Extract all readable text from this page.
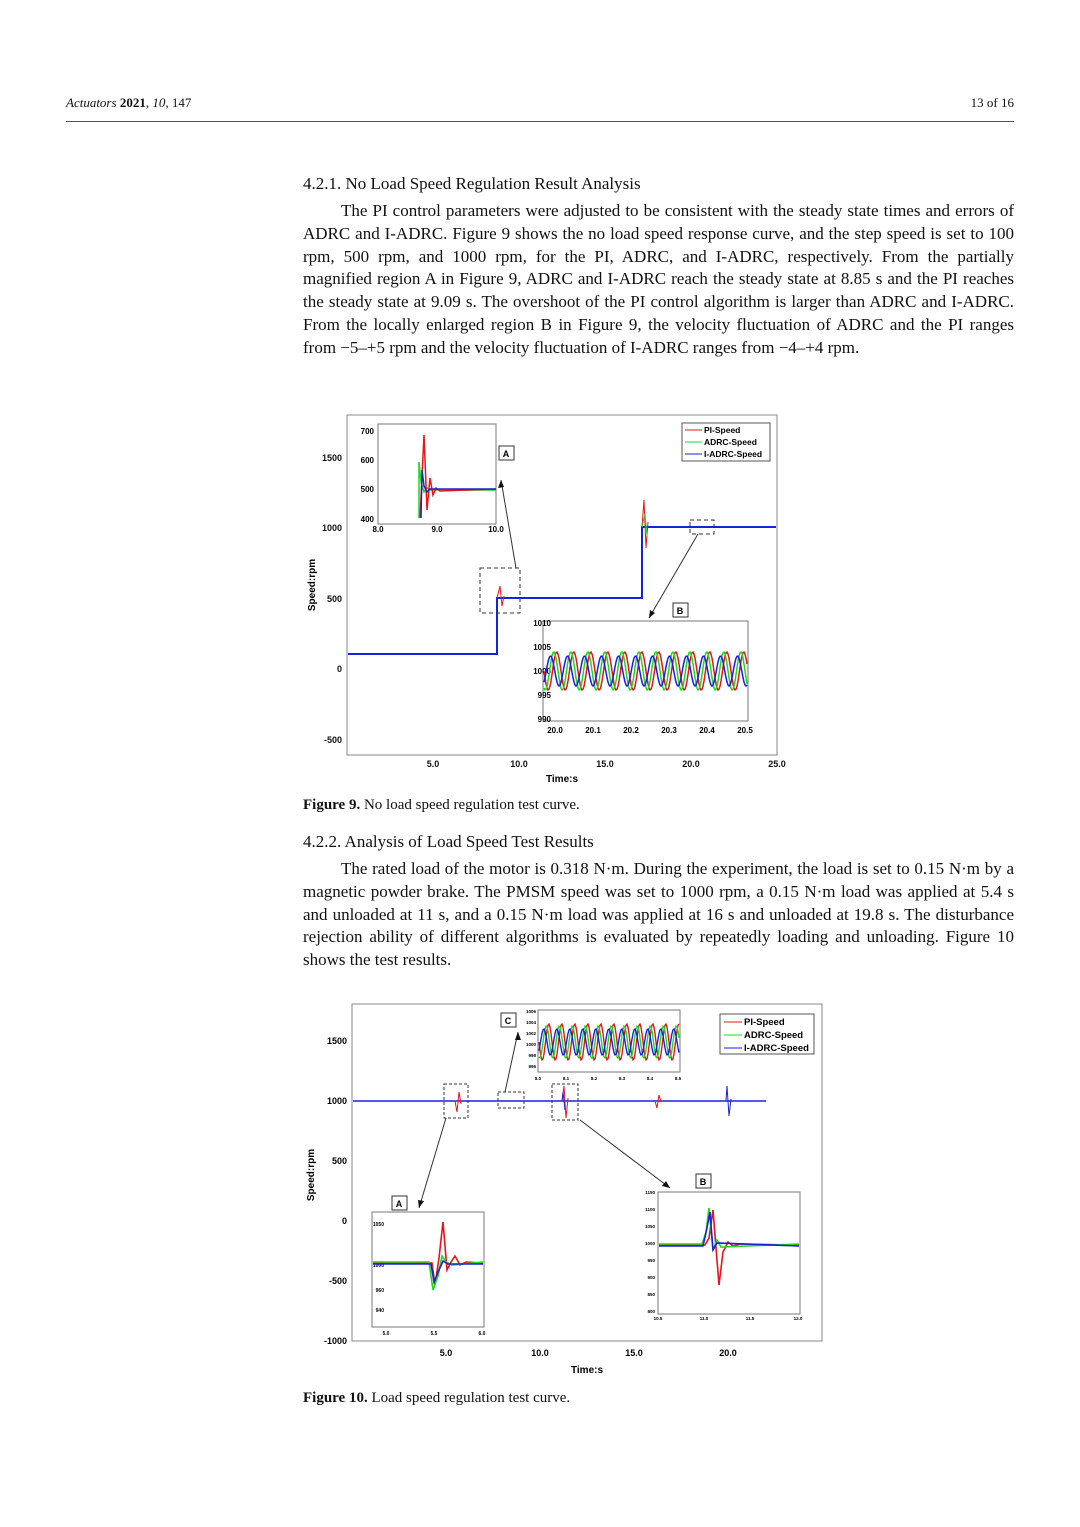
Actuators 2021, 10, 147	13 of 16
4.2.1. No Load Speed Regulation Result Analysis

The PI control parameters were adjusted to be consistent with the steady state times and errors of ADRC and I-ADRC. Figure 9 shows the no load speed response curve, and the step speed is set to 100 rpm, 500 rpm, and 1000 rpm, for the PI, ADRC, and I-ADRC, respectively. From the partially magnified region A in Figure 9, ADRC and I-ADRC reach the steady state at 8.85 s and the PI reaches the steady state at 9.09 s. The overshoot of the PI control algorithm is larger than ADRC and I-ADRC. From the locally enlarged region B in Figure 9, the velocity fluctuation of ADRC and the PI ranges from −5–+5 rpm and the velocity fluctuation of I-ADRC ranges from −4–+4 rpm.

-500
0
500
1000
1500
5.0	10.0	15.0	20.0	25.0
Time:s
Speed:rpm
PI-Speed
ADRC-Speed
I-ADRC-Speed
700
600
500
400
8.0	9.0	10.0
A
1010
1005
1000
995
990
20.0	20.1	20.2	20.3	20.4	20.5
B
Figure 9. No load speed regulation test curve.
4.2.2. Analysis of Load Speed Test Results

The rated load of the motor is 0.318 N·m. During the experiment, the load is set to 0.15 N·m by a magnetic powder brake. The PMSM speed was set to 1000 rpm, a 0.15 N·m load was applied at 5.4 s and unloaded at 11 s, and a 0.15 N·m load was applied at 16 s and unloaded at 19.8 s. The disturbance rejection ability of different algorithms is evaluated by repeatedly loading and unloading. Figure 10 shows the test results.

-1000
-500
0
500
1000
1500
5.0	10.0	15.0	20.0
Time:s
Speed:rpm
PI-Speed
ADRC-Speed
I-ADRC-Speed
1006
1004
1002
1000
998
996
8.0	8.1	8.2	8.3	8.4	8.5
C
1050
1000
960
940
5.0	5.5	6.0
A
1150
1100
1050
1000
950
900
850
800
10.5	11.0	11.5	12.0
B
Figure 10. Load speed regulation test curve.
